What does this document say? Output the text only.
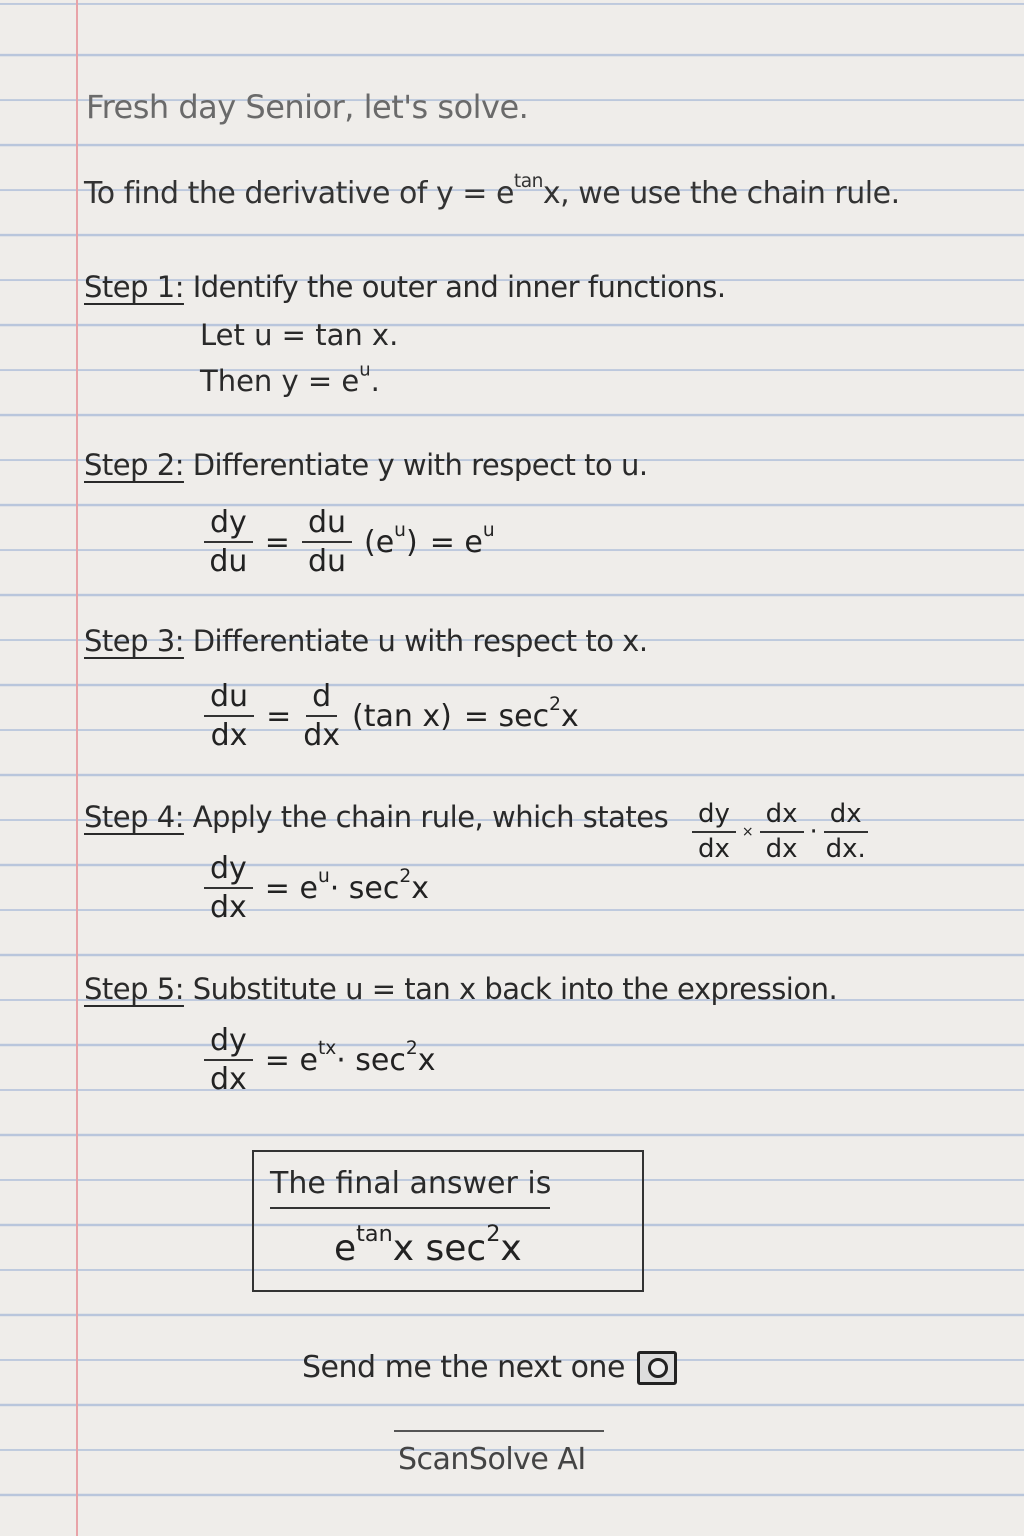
Fresh day Senior, let's solve.
To find the derivative of $y = e^{tan}x$, we use the chain rule.
Step 1: Identify the outer and inner functions.
Let u = tan x.
Then $y = e^u$.
Step 2: Differentiate y with respect to u.
$\frac{dy}{du} = \frac{du}{du} (e^u) = e^u$
Step 3: Differentiate u with respect to x.
$\frac{du}{dx} = \frac{d}{dx} (\tan$ $x) = \sec^2x$
Step 4: Apply the chain rule, which states $\frac{dy}{dx} \times \frac{dx}{dx} \cdot \frac{dx}{dx.}$
$\frac{dy}{dx} = e^u\cdot \sec^2x$
Step 5: Substitute u = tan x back into the expression.
$\frac{dy}{dx} = e^{tx}\cdot \sec^2x$
The final answer is
$e^{tan}x$ $\sec^2x$
Send me the next one
ScanSolve AI
